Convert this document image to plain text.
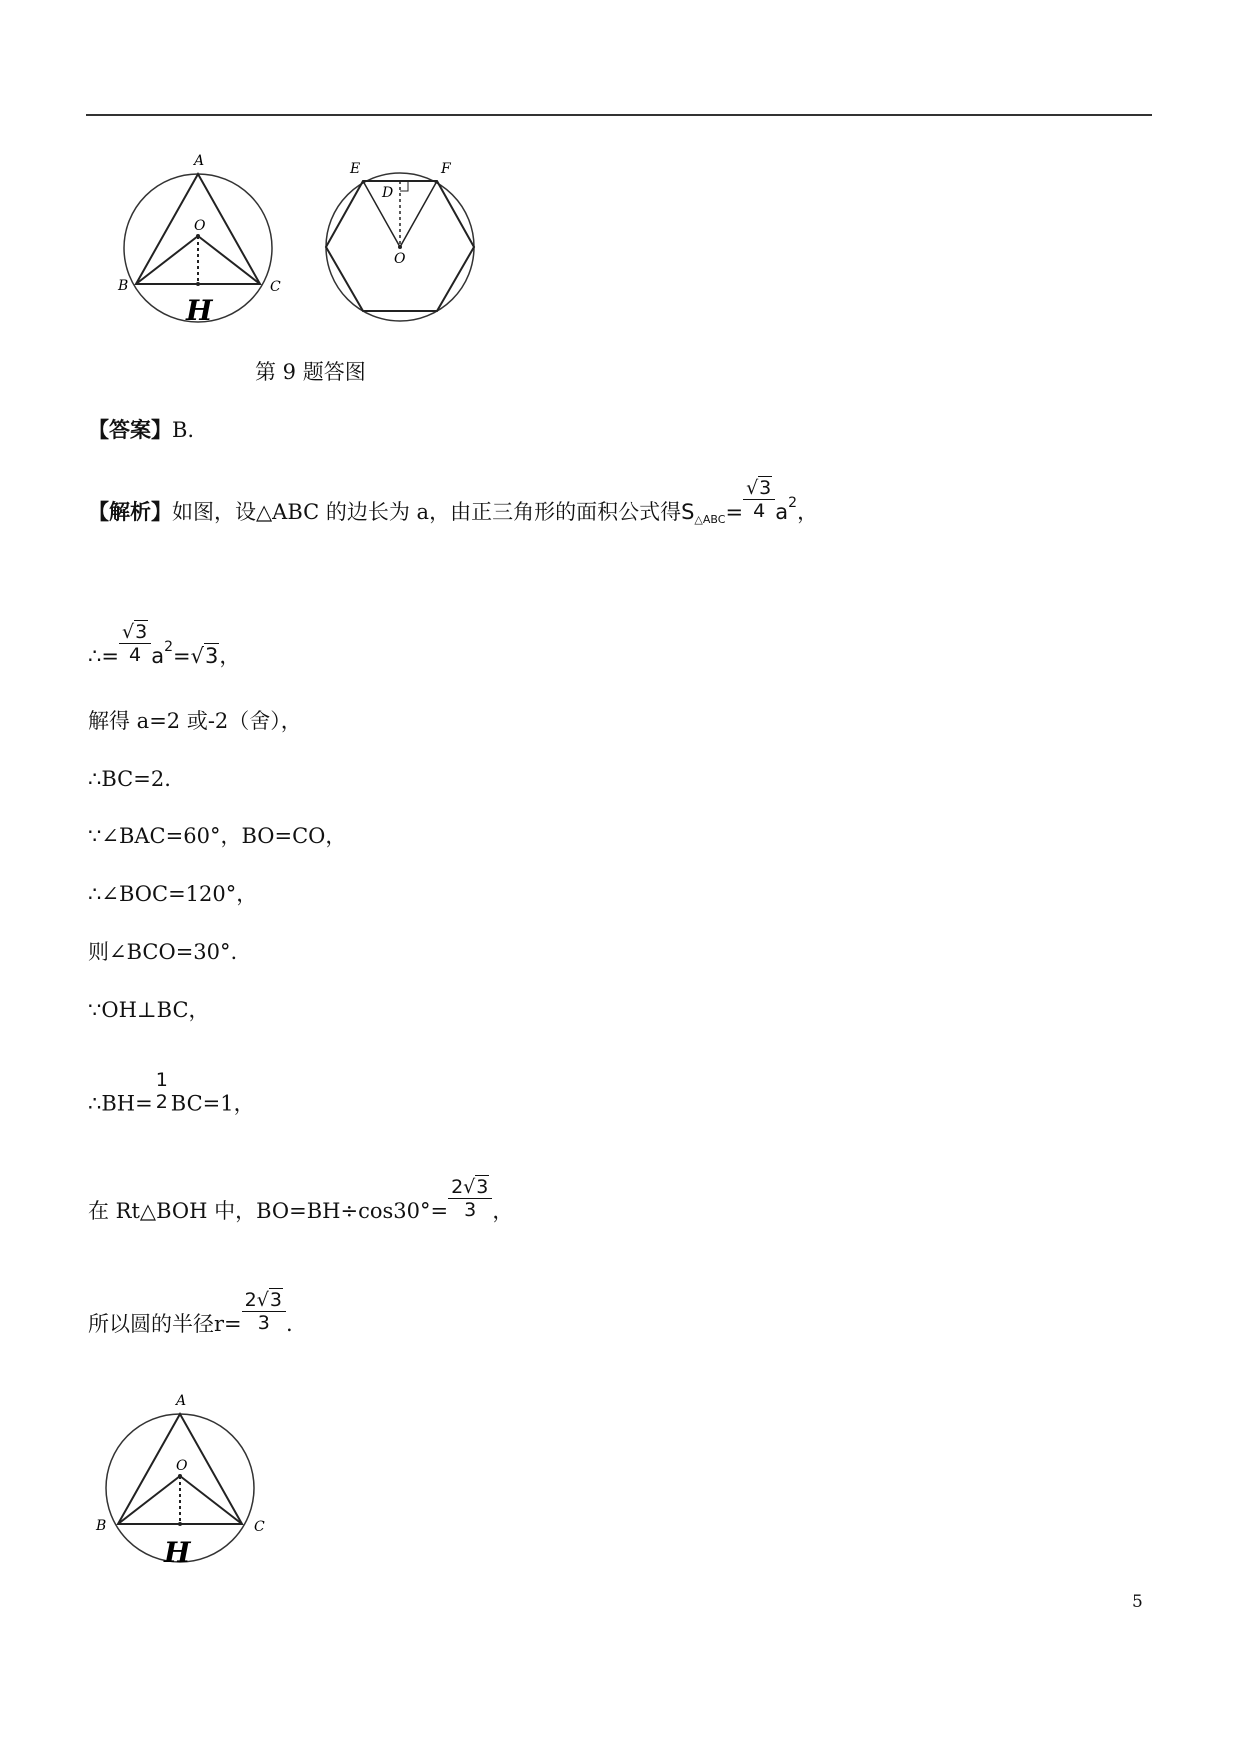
A
O
B	C
H
E	F
D
O
第 9 题答图
【答案】B.
【解析】如图，设△ABC 的边长为 a，由正三角形的面积公式得$S_{\triangle ABC}= \frac{√3}{4} a^2$，
∴= $\frac{√3}{4} a^2=√3$，
解得 a=2 或-2（舍），
∴BC=2.
∵∠BAC=60°，BO=CO，
∴∠BOC=120°，
则∠BCO=30°.
∵OH⊥BC，
∴BH=
1
2 BC=1，
在 Rt△BOH 中，$BO=BH\div\cos 30^\circ= \frac{2√3}{3}$ ，
所以圆的半径$r= \frac{2√3}{3}$ .
A
O
B	C
H
5
